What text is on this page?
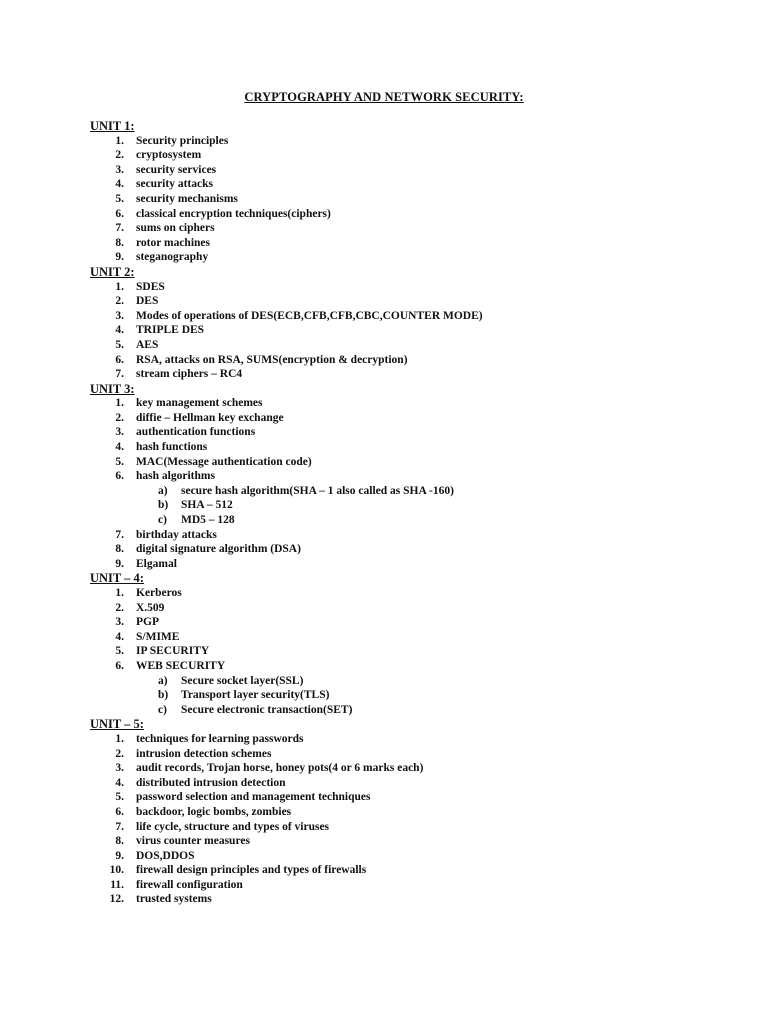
CRYPTOGRAPHY AND NETWORK SECURITY:
UNIT 1:
1. Security principles
2. cryptosystem
3. security services
4. security attacks
5. security mechanisms
6. classical encryption techniques(ciphers)
7. sums on ciphers
8. rotor machines
9. steganography
UNIT 2:
1. SDES
2. DES
3. Modes of operations of DES(ECB,CFB,CFB,CBC,COUNTER MODE)
4. TRIPLE DES
5. AES
6. RSA, attacks on RSA, SUMS(encryption & decryption)
7. stream ciphers – RC4
UNIT 3:
1. key management schemes
2. diffie – Hellman key exchange
3. authentication functions
4. hash functions
5. MAC(Message authentication code)
6. hash algorithms
a) secure hash algorithm(SHA – 1 also called as SHA -160)
b) SHA – 512
c) MD5 – 128
7. birthday attacks
8. digital signature algorithm (DSA)
9. Elgamal
UNIT – 4:
1. Kerberos
2. X.509
3. PGP
4. S/MIME
5. IP SECURITY
6. WEB SECURITY
a) Secure socket layer(SSL)
b) Transport layer security(TLS)
c) Secure electronic transaction(SET)
UNIT – 5:
1. techniques for learning passwords
2. intrusion detection schemes
3. audit records, Trojan horse, honey pots(4 or 6 marks each)
4. distributed intrusion detection
5. password selection and management techniques
6. backdoor, logic bombs, zombies
7. life cycle, structure and types of viruses
8. virus counter measures
9. DOS,DDOS
10. firewall design principles and types of firewalls
11. firewall configuration
12. trusted systems
